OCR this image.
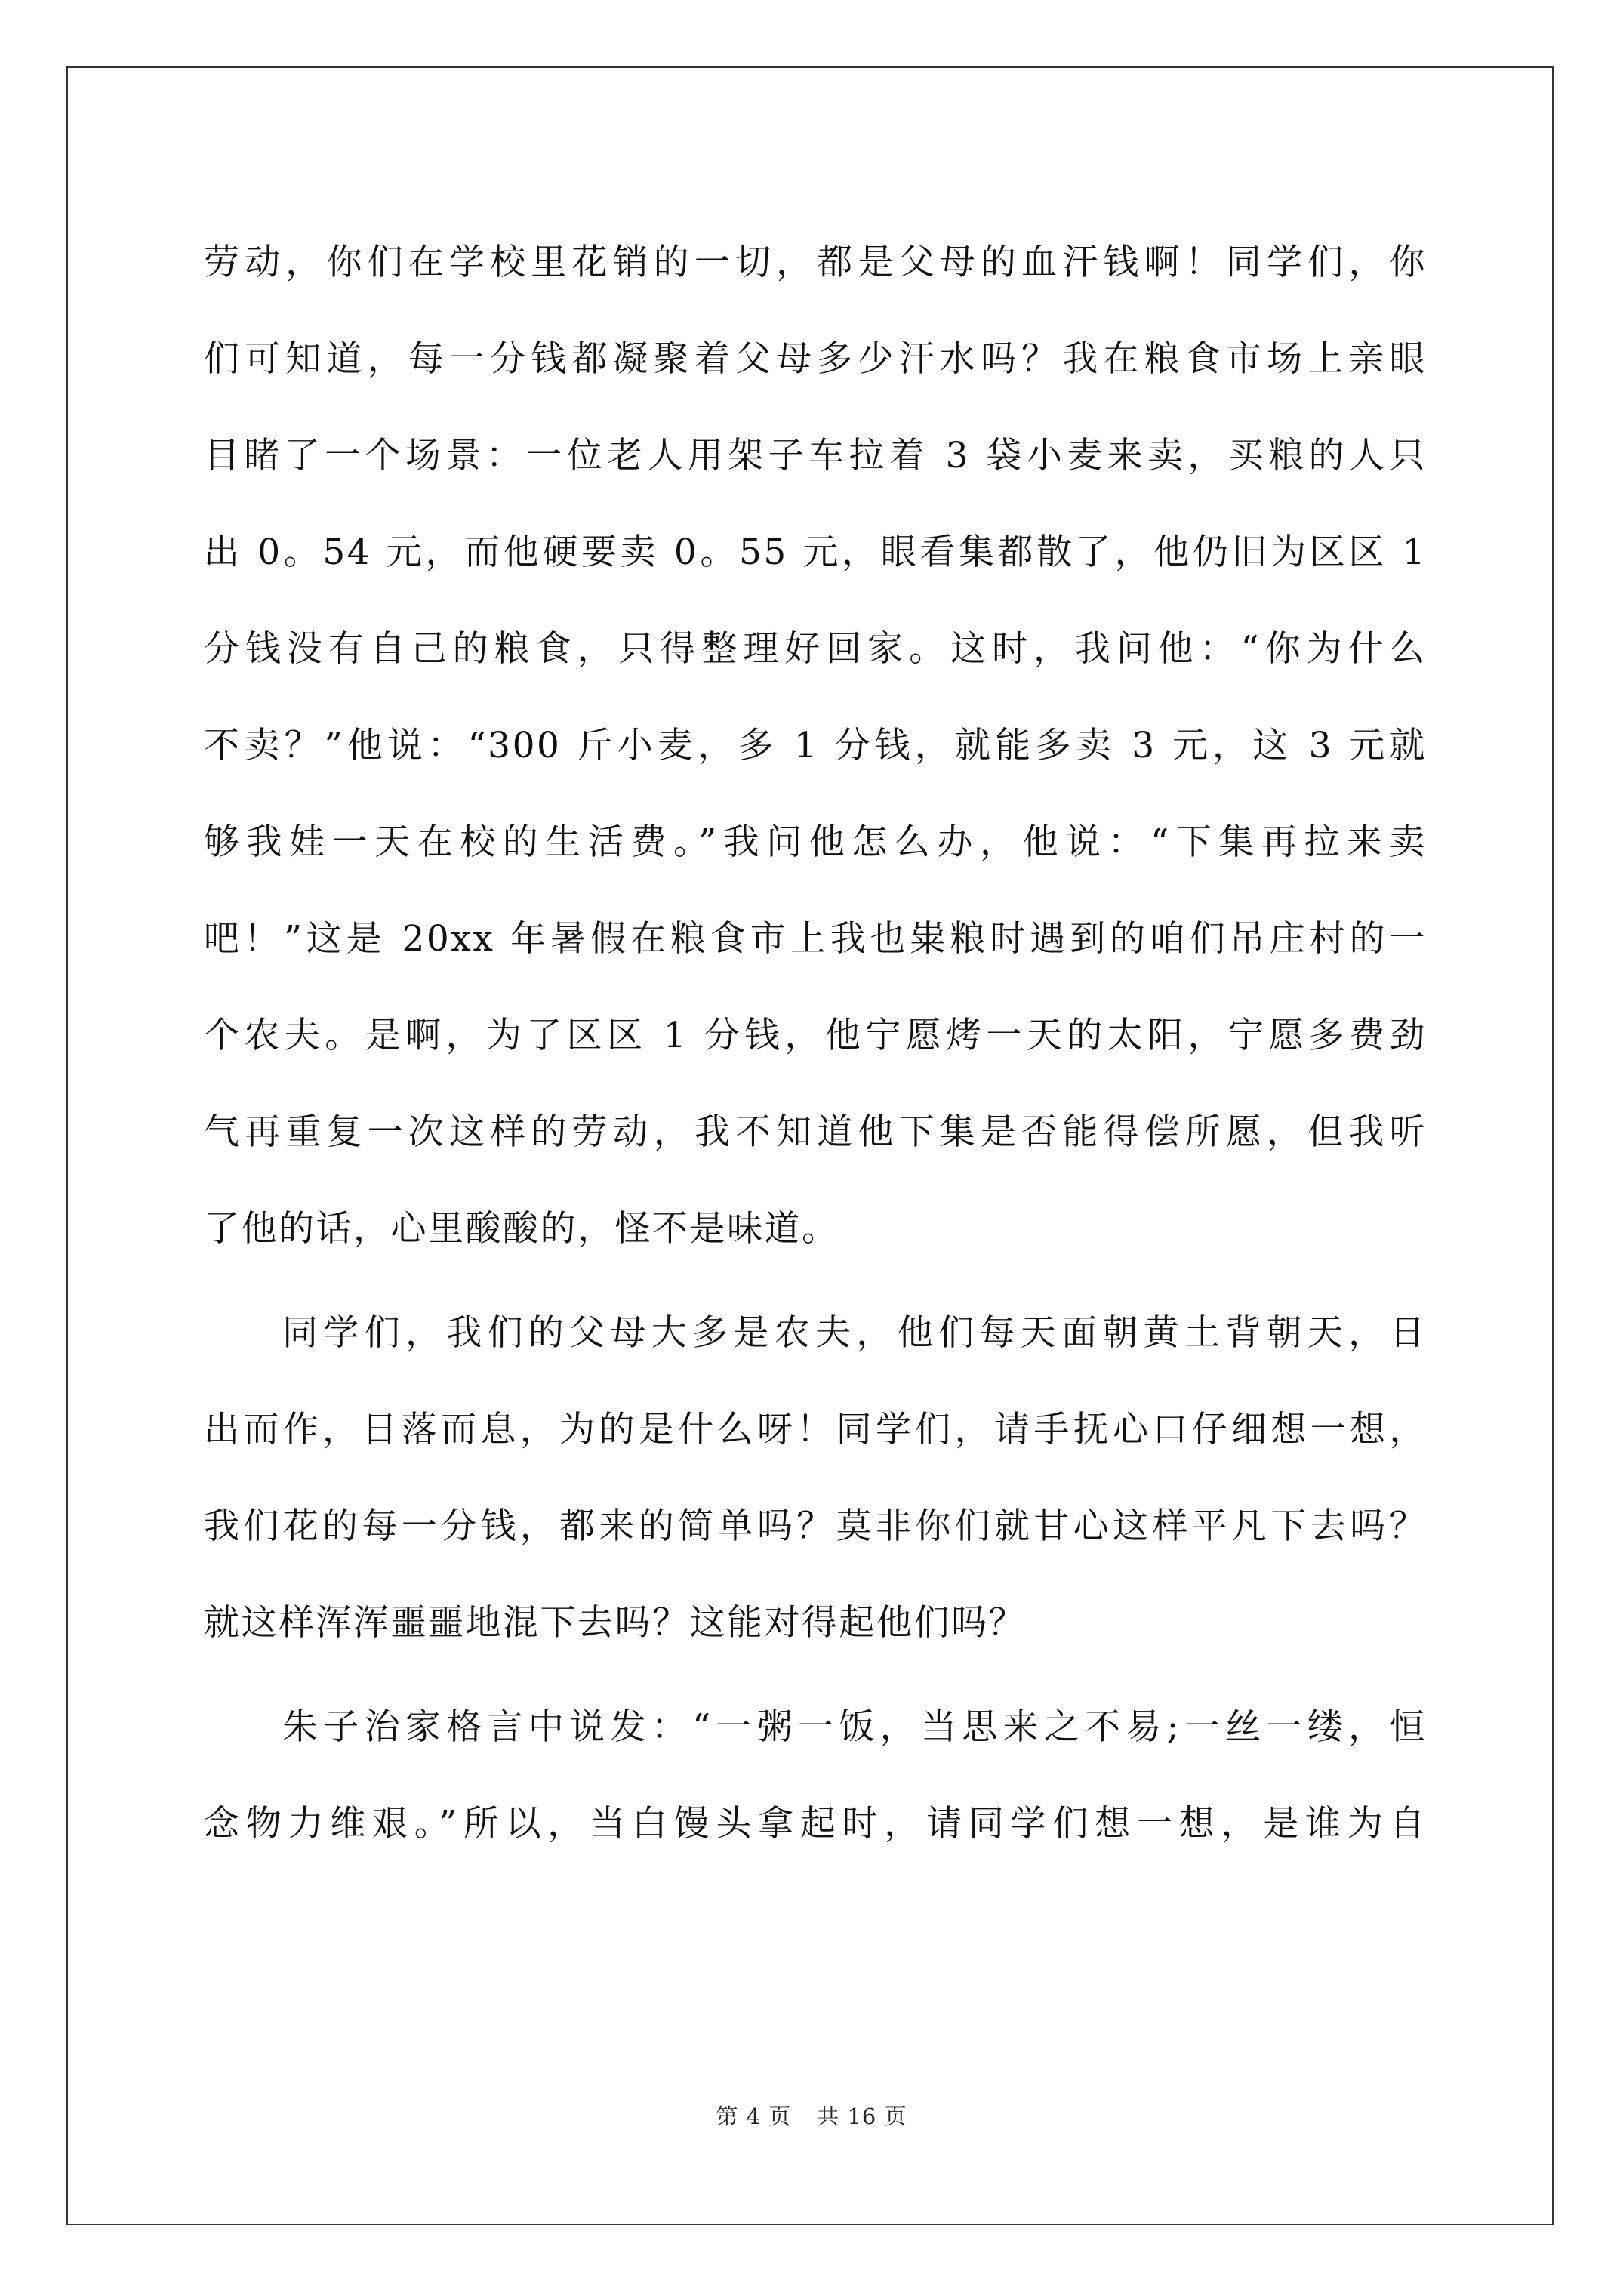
劳动，你们在学校里花销的一切，都是父母的血汗钱啊！同学们，你
们可知道，每一分钱都凝聚着父母多少汗水吗？我在粮食市场上亲眼
目睹了一个场景：一位老人用架子车拉着 3 袋小麦来卖，买粮的人只
出 0。54 元，而他硬要卖 0。55 元，眼看集都散了，他仍旧为区区 1
分钱没有自己的粮食，只得整理好回家。这时，我问他：“你为什么
不卖？”他说：“300 斤小麦，多 1 分钱，就能多卖 3 元，这 3 元就
够我娃一天在校的生活费。”我问他怎么办，他说：“下集再拉来卖
吧！”这是 20xx 年暑假在粮食市上我也粜粮时遇到的咱们吊庄村的一
个农夫。是啊，为了区区 1 分钱，他宁愿烤一天的太阳，宁愿多费劲
气再重复一次这样的劳动，我不知道他下集是否能得偿所愿，但我听
了他的话，心里酸酸的，怪不是味道。
同学们，我们的父母大多是农夫，他们每天面朝黄土背朝天，日
出而作，日落而息，为的是什么呀！同学们，请手抚心口仔细想一想，
我们花的每一分钱，都来的简单吗？莫非你们就甘心这样平凡下去吗？
就这样浑浑噩噩地混下去吗？这能对得起他们吗？
朱子治家格言中说发：“一粥一饭，当思来之不易;一丝一缕，恒
念物力维艰。”所以，当白馒头拿起时，请同学们想一想，是谁为自
第 4 页 共 16 页
